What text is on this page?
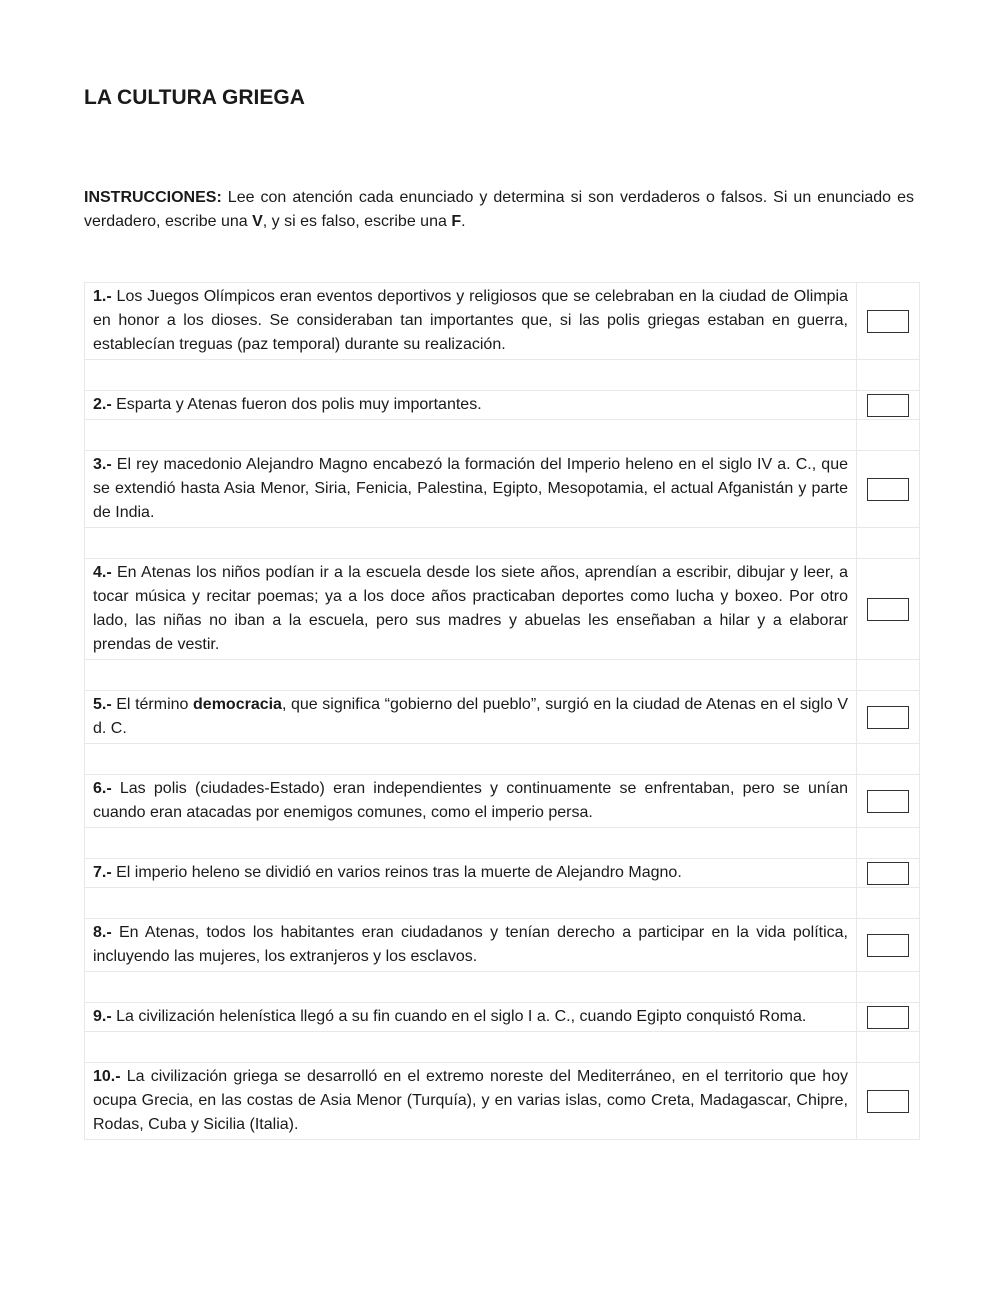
LA CULTURA GRIEGA
INSTRUCCIONES: Lee con atención cada enunciado y determina si son verdaderos o falsos. Si un enunciado es verdadero, escribe una V, y si es falso, escribe una F.
1.- Los Juegos Olímpicos eran eventos deportivos y religiosos que se celebraban en la ciudad de Olimpia en honor a los dioses. Se consideraban tan importantes que, si las polis griegas estaban en guerra, establecían treguas (paz temporal) durante su realización.
2.- Esparta y Atenas fueron dos polis muy importantes.
3.- El rey macedonio Alejandro Magno encabezó la formación del Imperio heleno en el siglo IV a. C., que se extendió hasta Asia Menor, Siria, Fenicia, Palestina, Egipto, Mesopotamia, el actual Afganistán y parte de India.
4.- En Atenas los niños podían ir a la escuela desde los siete años, aprendían a escribir, dibujar y leer, a tocar música y recitar poemas; ya a los doce años practicaban deportes como lucha y boxeo. Por otro lado, las niñas no iban a la escuela, pero sus madres y abuelas les enseñaban a hilar y a elaborar prendas de vestir.
5.- El término democracia, que significa “gobierno del pueblo”, surgió en la ciudad de Atenas en el siglo V d. C.
6.- Las polis (ciudades-Estado) eran independientes y continuamente se enfrentaban, pero se unían cuando eran atacadas por enemigos comunes, como el imperio persa.
7.- El imperio heleno se dividió en varios reinos tras la muerte de Alejandro Magno.
8.- En Atenas, todos los habitantes eran ciudadanos y tenían derecho a participar en la vida política, incluyendo las mujeres, los extranjeros y los esclavos.
9.- La civilización helenística llegó a su fin cuando en el siglo I a. C., cuando Egipto conquistó Roma.
10.- La civilización griega se desarrolló en el extremo noreste del Mediterráneo, en el territorio que hoy ocupa Grecia, en las costas de Asia Menor (Turquía), y en varias islas, como Creta, Madagascar, Chipre, Rodas, Cuba y Sicilia (Italia).
